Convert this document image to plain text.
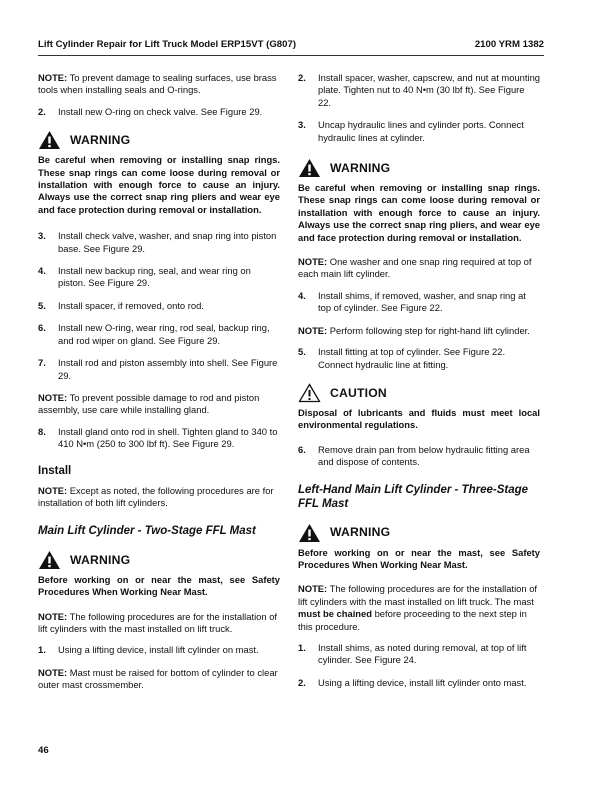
Lift Cylinder Repair for Lift Truck Model ERP15VT (G807)	2100 YRM 1382

NOTE: To prevent damage to sealing surfaces, use brass tools when installing seals and O-rings.

2.	Install new O-ring on check valve. See Figure 29.
WARNING
Be careful when removing or installing snap rings. These snap rings can come loose during removal or installation with enough force to cause an injury. Always use the correct snap ring pliers and wear eye and face protection during removal or installation.
3.	Install check valve, washer, and snap ring into piston base. See Figure 29.
4.	Install new backup ring, seal, and wear ring on piston. See Figure 29.
5.	Install spacer, if removed, onto rod.
6.	Install new O-ring, wear ring, rod seal, backup ring, and rod wiper on gland. See Figure 29.
7.	Install rod and piston assembly into shell. See Figure 29.

NOTE: To prevent possible damage to rod and piston assembly, use care while installing gland.

8.	Install gland onto rod in shell. Tighten gland to 340 to 410 N•m (250 to 300 lbf ft). See Figure 29.
Install

NOTE: Except as noted, the following procedures are for installation of both lift cylinders.

Main Lift Cylinder - Two-Stage FFL Mast
WARNING
Before working on or near the mast, see Safety Procedures When Working Near Mast.

NOTE: The following procedures are for the installation of lift cylinders with the mast installed on lift truck.

1.	Using a lifting device, install lift cylinder on mast.

NOTE: Mast must be raised for bottom of cylinder to clear outer mast crossmember.

2.	Install spacer, washer, capscrew, and nut at mounting plate. Tighten nut to 40 N•m (30 lbf ft). See Figure 22.
3.	Uncap hydraulic lines and cylinder ports. Connect hydraulic lines at cylinder.
WARNING
Be careful when removing or installing snap rings. These snap rings can come loose during removal or installation with enough force to cause an injury. Always use the correct snap ring pliers, and wear eye and face protection during removal or installation.

NOTE: One washer and one snap ring required at top of each main lift cylinder.

4.	Install shims, if removed, washer, and snap ring at top of cylinder. See Figure 22.

NOTE: Perform following step for right-hand lift cylinder.

5.	Install fitting at top of cylinder. See Figure 22. Connect hydraulic line at fitting.
CAUTION
Disposal of lubricants and fluids must meet local environmental regulations.
6.	Remove drain pan from below hydraulic fitting area and dispose of contents.
Left-Hand Main Lift Cylinder - Three-Stage FFL Mast
WARNING
Before working on or near the mast, see Safety Procedures When Working Near Mast.

NOTE: The following procedures are for the installation of lift cylinders with the mast installed on lift truck. The mast must be chained before proceeding to the next step in this procedure.

1.	Install shims, as noted during removal, at top of lift cylinder. See Figure 24.
2.	Using a lifting device, install lift cylinder onto mast.
46
